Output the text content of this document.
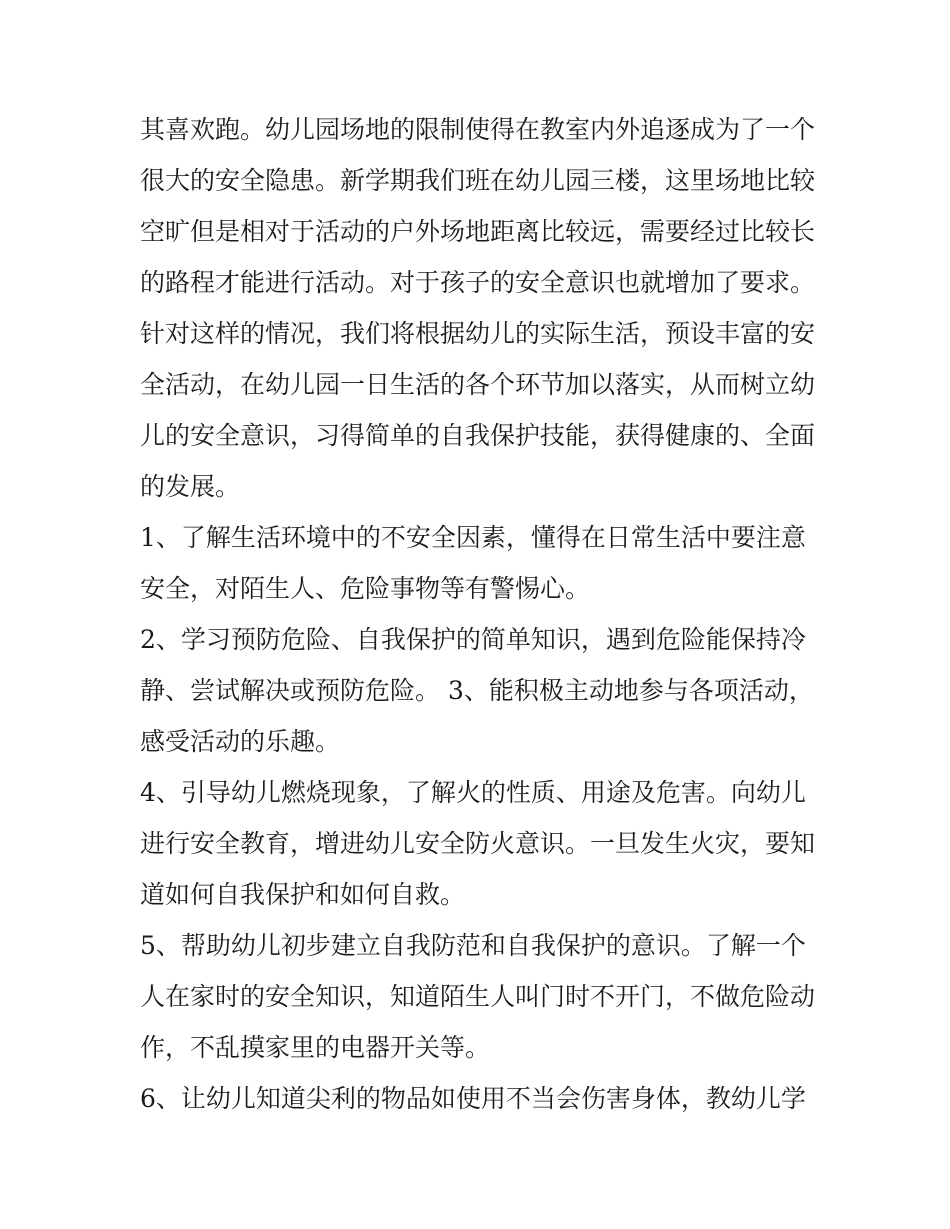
其喜欢跑。幼儿园场地的限制使得在教室内外追逐成为了一个
很大的安全隐患。新学期我们班在幼儿园三楼，这里场地比较
空旷但是相对于活动的户外场地距离比较远，需要经过比较长
的路程才能进行活动。对于孩子的安全意识也就增加了要求。
针对这样的情况，我们将根据幼儿的实际生活，预设丰富的安
全活动，在幼儿园一日生活的各个环节加以落实，从而树立幼
儿的安全意识，习得简单的自我保护技能，获得健康的、全面
的发展。
1、了解生活环境中的不安全因素，懂得在日常生活中要注意
安全，对陌生人、危险事物等有警惕心。
2、学习预防危险、自我保护的简单知识，遇到危险能保持冷
静、尝试解决或预防危险。 3、能积极主动地参与各项活动，
感受活动的乐趣。
4、引导幼儿燃烧现象，了解火的性质、用途及危害。向幼儿
进行安全教育，增进幼儿安全防火意识。一旦发生火灾，要知
道如何自我保护和如何自救。
5、帮助幼儿初步建立自我防范和自我保护的意识。了解一个
人在家时的安全知识，知道陌生人叫门时不开门，不做危险动
作，不乱摸家里的电器开关等。
6、让幼儿知道尖利的物品如使用不当会伤害身体，教幼儿学
